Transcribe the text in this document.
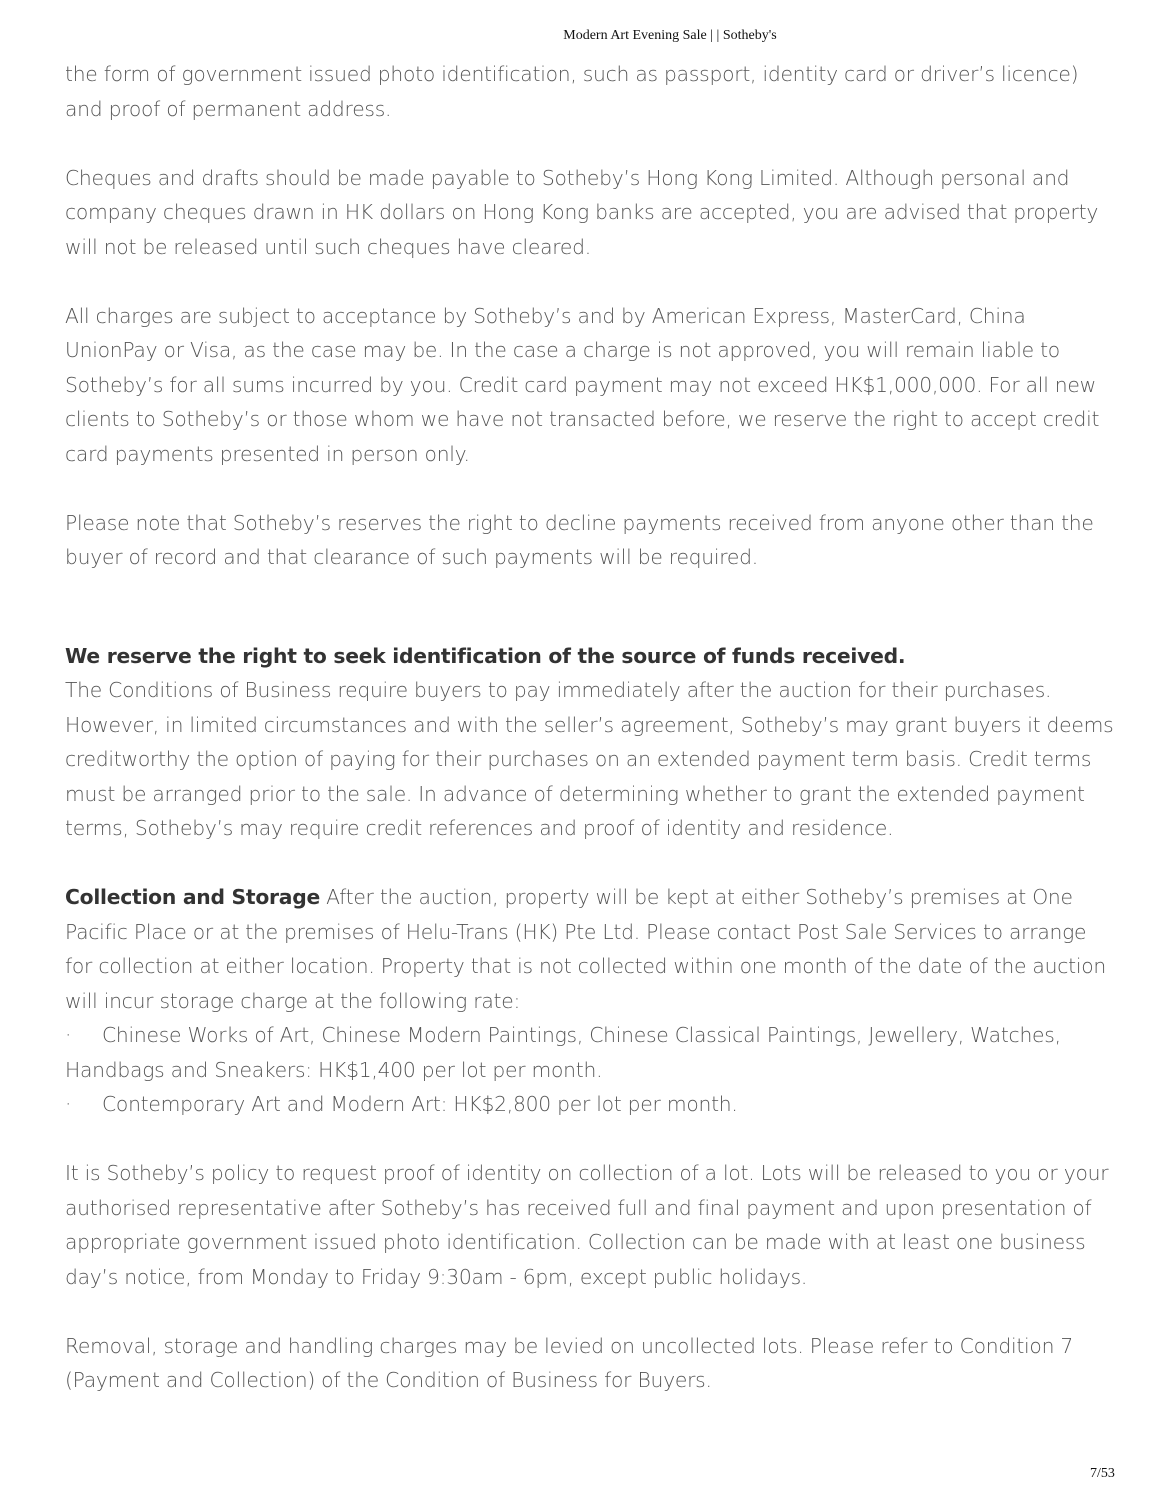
Modern Art Evening Sale | | Sotheby's

the form of government issued photo identification, such as passport, identity card or driver’s licence) and proof of permanent address.

Cheques and drafts should be made payable to Sotheby’s Hong Kong Limited. Although personal and company cheques drawn in HK dollars on Hong Kong banks are accepted, you are advised that property will not be released until such cheques have cleared.

All charges are subject to acceptance by Sotheby’s and by American Express, MasterCard, China UnionPay or Visa, as the case may be. In the case a charge is not approved, you will remain liable to Sotheby’s for all sums incurred by you. Credit card payment may not exceed HK$1,000,000. For all new clients to Sotheby’s or those whom we have not transacted before, we reserve the right to accept credit card payments presented in person only.

Please note that Sotheby’s reserves the right to decline payments received from anyone other than the buyer of record and that clearance of such payments will be required.

We reserve the right to seek identification of the source of funds received.

The Conditions of Business require buyers to pay immediately after the auction for their purchases. However, in limited circumstances and with the seller’s agreement, Sotheby’s may grant buyers it deems creditworthy the option of paying for their purchases on an extended payment term basis. Credit terms must be arranged prior to the sale. In advance of determining whether to grant the extended payment terms, Sotheby’s may require credit references and proof of identity and residence.

Collection and Storage After the auction, property will be kept at either Sotheby’s premises at One Pacific Place or at the premises of Helu-Trans (HK) Pte Ltd. Please contact Post Sale Services to arrange for collection at either location. Property that is not collected within one month of the date of the auction will incur storage charge at the following rate:

· Chinese Works of Art, Chinese Modern Paintings, Chinese Classical Paintings, Jewellery, Watches, Handbags and Sneakers: HK$1,400 per lot per month.

· Contemporary Art and Modern Art: HK$2,800 per lot per month.

It is Sotheby’s policy to request proof of identity on collection of a lot. Lots will be released to you or your authorised representative after Sotheby’s has received full and final payment and upon presentation of appropriate government issued photo identification. Collection can be made with at least one business day’s notice, from Monday to Friday 9:30am - 6pm, except public holidays.

Removal, storage and handling charges may be levied on uncollected lots. Please refer to Condition 7 (Payment and Collection) of the Condition of Business for Buyers.

7/53
